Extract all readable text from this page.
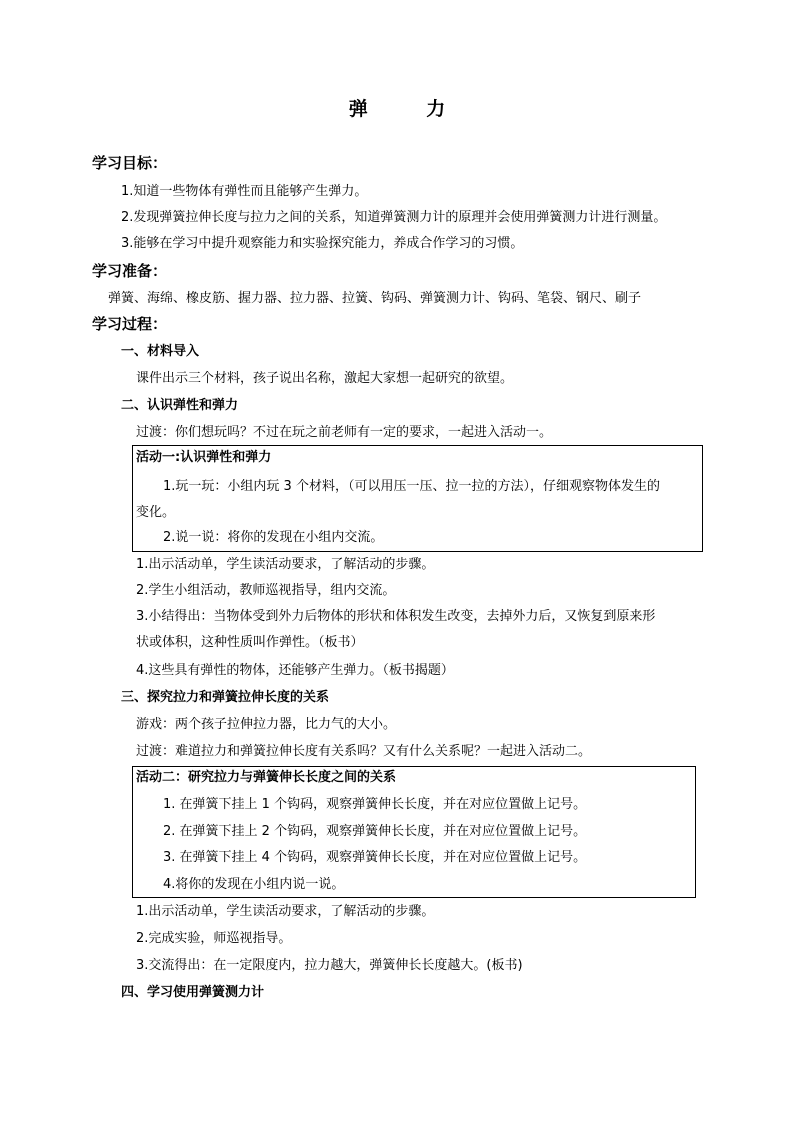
弹 力
学习目标：
1.知道一些物体有弹性而且能够产生弹力。
2.发现弹簧拉伸长度与拉力之间的关系，知道弹簧测力计的原理并会使用弹簧测力计进行测量。
3.能够在学习中提升观察能力和实验探究能力，养成合作学习的习惯。
学习准备：
弹簧、海绵、橡皮筋、握力器、拉力器、拉簧、钩码、弹簧测力计、钩码、笔袋、钢尺、刷子
学习过程：
一、材料导入
课件出示三个材料，孩子说出名称，激起大家想一起研究的欲望。
二、认识弹性和弹力
过渡：你们想玩吗？不过在玩之前老师有一定的要求，一起进入活动一。
活动一:认识弹性和弹力
1.玩一玩：小组内玩 3 个材料，（可以用压一压、拉一拉的方法），仔细观察物体发生的
变化。
2.说一说：将你的发现在小组内交流。
1.出示活动单，学生读活动要求，了解活动的步骤。
2.学生小组活动，教师巡视指导，组内交流。
3.小结得出：当物体受到外力后物体的形状和体积发生改变，去掉外力后，又恢复到原来形
状或体积，这种性质叫作弹性。（板书）
4.这些具有弹性的物体，还能够产生弹力。（板书揭题）
三、探究拉力和弹簧拉伸长度的关系
游戏：两个孩子拉伸拉力器，比力气的大小。
过渡：难道拉力和弹簧拉伸长度有关系吗？又有什么关系呢？一起进入活动二。
活动二：研究拉力与弹簧伸长长度之间的关系
1. 在弹簧下挂上 1 个钩码，观察弹簧伸长长度，并在对应位置做上记号。
2. 在弹簧下挂上 2 个钩码，观察弹簧伸长长度，并在对应位置做上记号。
3. 在弹簧下挂上 4 个钩码，观察弹簧伸长长度，并在对应位置做上记号。
4.将你的发现在小组内说一说。
1.出示活动单，学生读活动要求，了解活动的步骤。
2.完成实验，师巡视指导。
3.交流得出：在一定限度内，拉力越大，弹簧伸长长度越大。(板书)
四、学习使用弹簧测力计
